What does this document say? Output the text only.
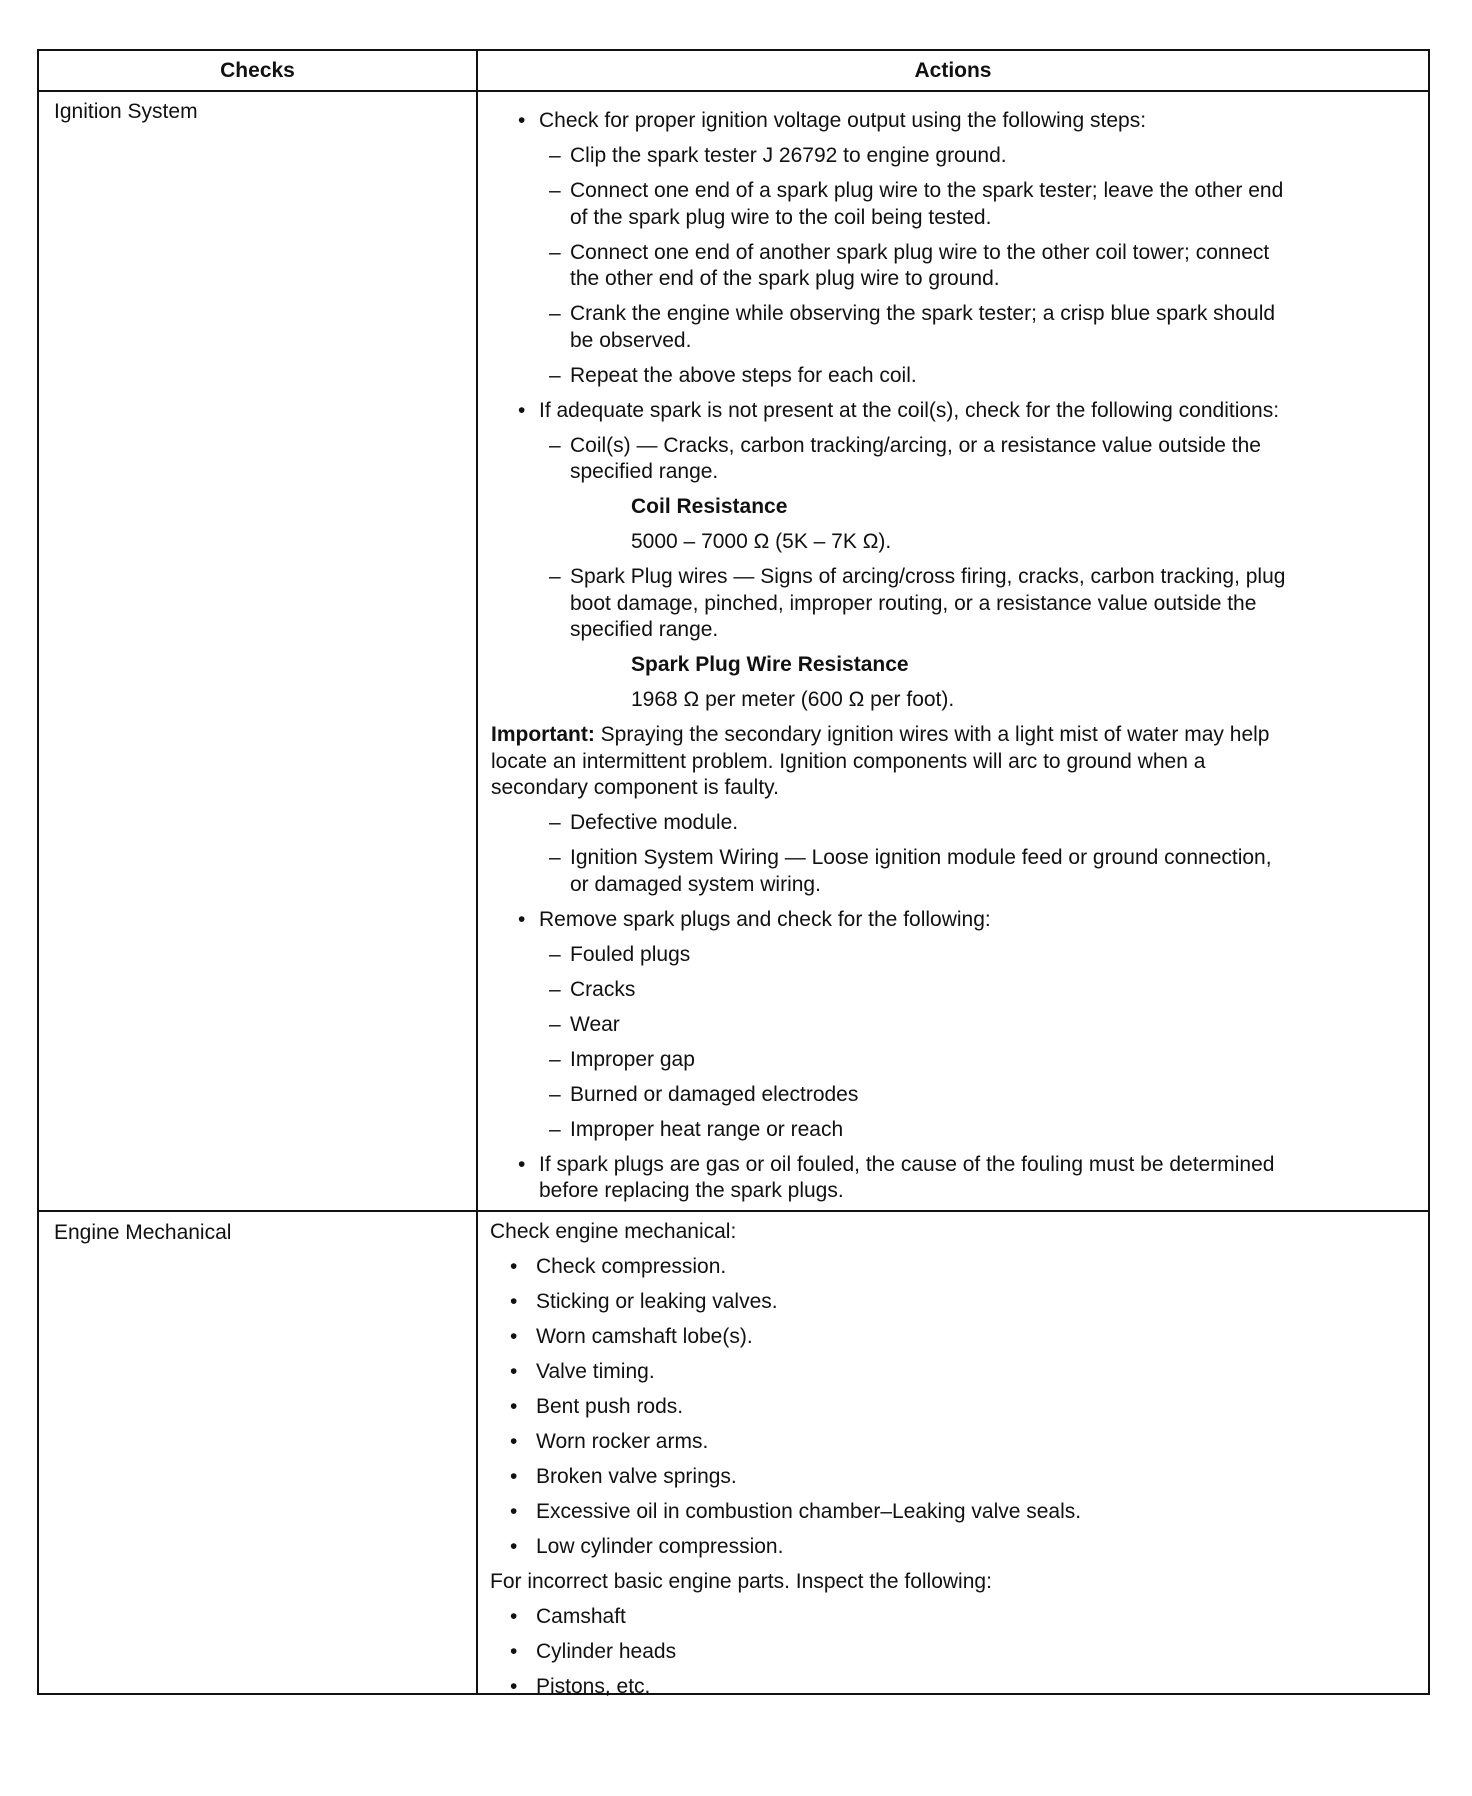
Checks	Actions
Ignition System	• Check for proper ignition voltage output using the following steps:
– Clip the spark tester J 26792 to engine ground.
– Connect one end of a spark plug wire to the spark tester; leave the other end
of the spark plug wire to the coil being tested.
– Connect one end of another spark plug wire to the other coil tower; connect
the other end of the spark plug wire to ground.
– Crank the engine while observing the spark tester; a crisp blue spark should
be observed.
– Repeat the above steps for each coil.
• If adequate spark is not present at the coil(s), check for the following conditions:
– Coil(s) — Cracks, carbon tracking/arcing, or a resistance value outside the
specified range.
Coil Resistance
5000 – 7000 Ω (5K – 7K Ω).
– Spark Plug wires — Signs of arcing/cross firing, cracks, carbon tracking, plug
boot damage, pinched, improper routing, or a resistance value outside the
specified range.
Spark Plug Wire Resistance
1968 Ω per meter (600 Ω per foot).
Important: Spraying the secondary ignition wires with a light mist of water may help
locate an intermittent problem. Ignition components will arc to ground when a
secondary component is faulty.
– Defective module.
– Ignition System Wiring — Loose ignition module feed or ground connection,
or damaged system wiring.
• Remove spark plugs and check for the following:
– Fouled plugs
– Cracks
– Wear
– Improper gap
– Burned or damaged electrodes
– Improper heat range or reach
• If spark plugs are gas or oil fouled, the cause of the fouling must be determined
before replacing the spark plugs.
Engine Mechanical	Check engine mechanical:
• Check compression.
• Sticking or leaking valves.
• Worn camshaft lobe(s).
• Valve timing.
• Bent push rods.
• Worn rocker arms.
• Broken valve springs.
• Excessive oil in combustion chamber–Leaking valve seals.
• Low cylinder compression.
For incorrect basic engine parts. Inspect the following:
• Camshaft
• Cylinder heads
• Pistons, etc.
